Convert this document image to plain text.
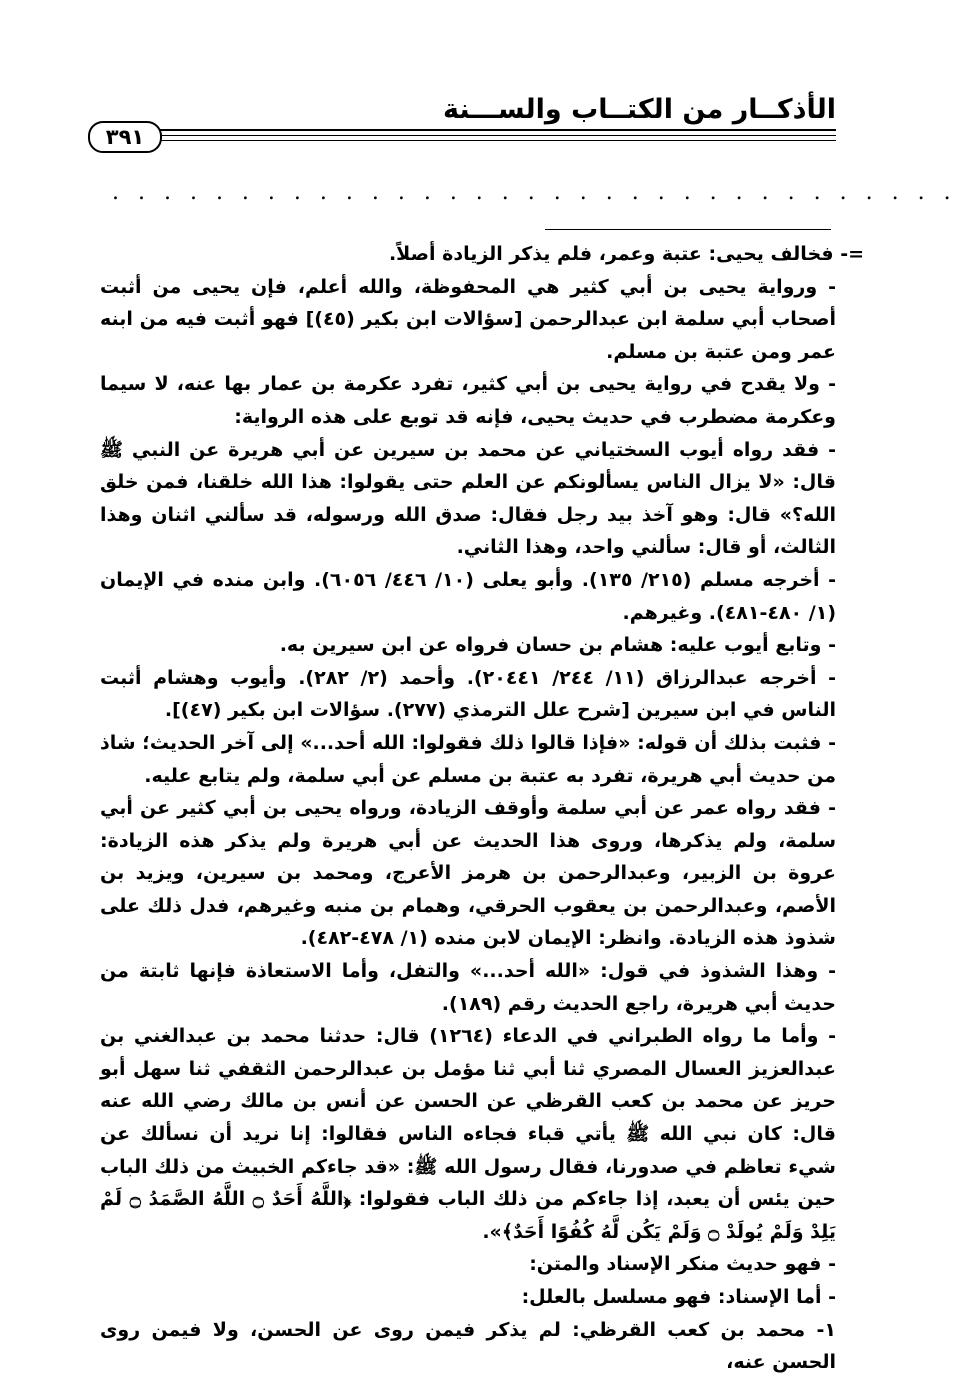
الأذكــار من الكتــاب والســـنة
٣٩١
. . . . . . . . . . . . . . . . . . . . . . . . . . . . . . . . .

=- فخالف يحيى: عتبة وعمر، فلم يذكر الزيادة أصلاً.

- ورواية يحيى بن أبي كثير هي المحفوظة، والله أعلم، فإن يحيى من أثبت أصحاب أبي سلمة ابن عبدالرحمن [سؤالات ابن بكير (٤٥)] فهو أثبت فيه من ابنه عمر ومن عتبة بن مسلم.

- ولا يقدح في رواية يحيى بن أبي كثير، تفرد عكرمة بن عمار بها عنه، لا سيما وعكرمة مضطرب في حديث يحيى، فإنه قد توبع على هذه الرواية:

- فقد رواه أيوب السختياني عن محمد بن سيرين عن أبي هريرة عن النبي ﷺ قال: «لا يزال الناس يسألونكم عن العلم حتى يقولوا: هذا الله خلقنا، فمن خلق الله؟» قال: وهو آخذ بيد رجل فقال: صدق الله ورسوله، قد سألني اثنان وهذا الثالث، أو قال: سألني واحد، وهذا الثاني.

- أخرجه مسلم (٢١٥/ ١٣٥). وأبو يعلى (١٠/ ٤٤٦/ ٦٠٥٦). وابن منده في الإيمان (١/ ٤٨٠-٤٨١). وغيرهم.

- وتابع أيوب عليه: هشام بن حسان فرواه عن ابن سيرين به.

- أخرجه عبدالرزاق (١١/ ٢٤٤/ ٢٠٤٤١). وأحمد (٢/ ٢٨٢). وأيوب وهشام أثبت الناس في ابن سيرين [شرح علل الترمذي (٢٧٧). سؤالات ابن بكير (٤٧)].

- فثبت بذلك أن قوله: «فإذا قالوا ذلك فقولوا: الله أحد...» إلى آخر الحديث؛ شاذ من حديث أبي هريرة، تفرد به عتبة بن مسلم عن أبي سلمة، ولم يتابع عليه.

- فقد رواه عمر عن أبي سلمة وأوقف الزيادة، ورواه يحيى بن أبي كثير عن أبي سلمة، ولم يذكرها، وروى هذا الحديث عن أبي هريرة ولم يذكر هذه الزيادة: عروة بن الزبير، وعبدالرحمن بن هرمز الأعرج، ومحمد بن سيرين، ويزيد بن الأصم، وعبدالرحمن بن يعقوب الحرقي، وهمام بن منبه وغيرهم، فدل ذلك على شذوذ هذه الزيادة. وانظر: الإيمان لابن منده (١/ ٤٧٨-٤٨٢).

- وهذا الشذوذ في قول: «الله أحد...» والتفل، وأما الاستعاذة فإنها ثابتة من حديث أبي هريرة، راجع الحديث رقم (١٨٩).

- وأما ما رواه الطبراني في الدعاء (١٢٦٤) قال: حدثنا محمد بن عبدالغني بن عبدالعزيز العسال المصري ثنا أبي ثنا مؤمل بن عبدالرحمن الثقفي ثنا سهل أبو حريز عن محمد بن كعب القرظي عن الحسن عن أنس بن مالك رضي الله عنه قال: كان نبي الله ﷺ يأتي قباء فجاءه الناس فقالوا: إنا نريد أن نسألك عن شيء تعاظم في صدورنا، فقال رسول الله ﷺ: «قد جاءكم الخبيث من ذلك الباب حين يئس أن يعبد، إذا جاءكم من ذلك الباب فقولوا: ﴿اللَّهُ أَحَدٌ ۝ اللَّهُ الصَّمَدُ ۝ لَمْ يَلِدْ وَلَمْ يُولَدْ ۝ وَلَمْ يَكُن لَّهُ كُفُوًا أَحَدٌ﴾».

- فهو حديث منكر الإسناد والمتن:

- أما الإسناد: فهو مسلسل بالعلل:

١- محمد بن كعب القرظي: لم يذكر فيمن روى عن الحسن، ولا فيمن روى الحسن عنه،
